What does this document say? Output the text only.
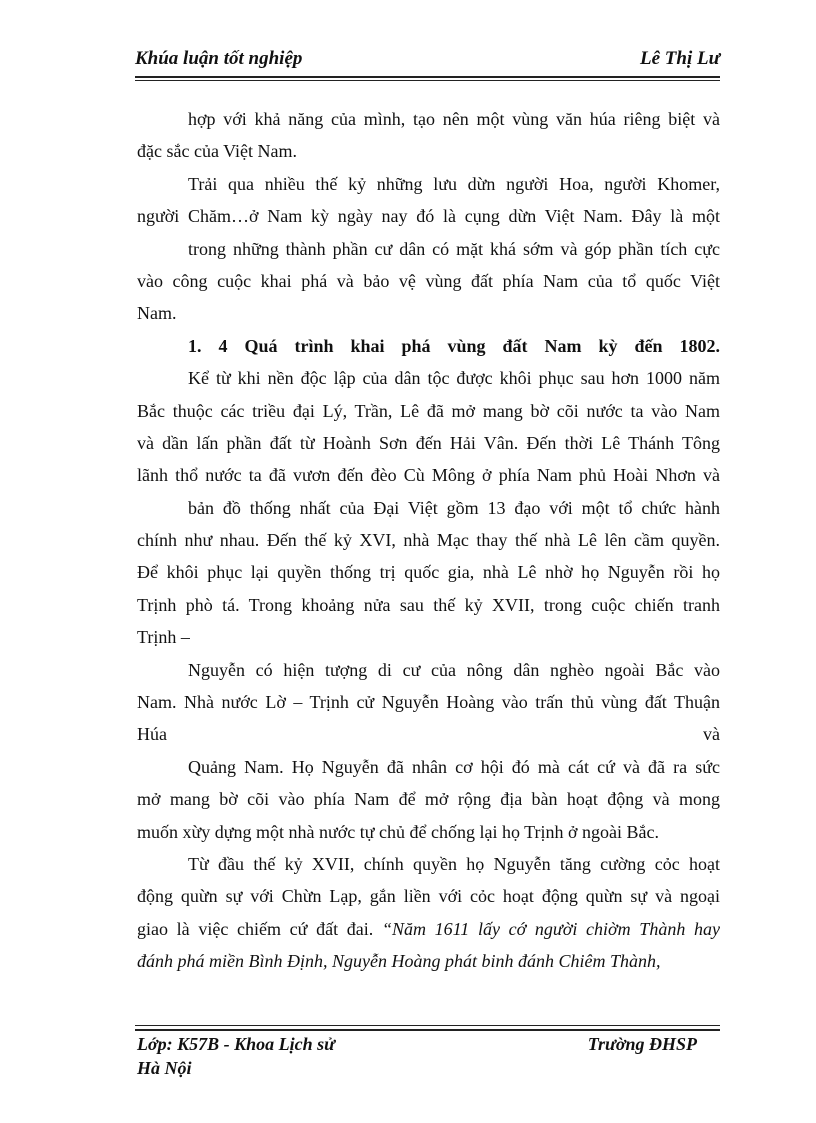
Khúa luận tốt nghiệp	Lê Thị Lư
hợp với khả năng của mình, tạo nên một vùng văn húa riêng biệt và
đặc sắc của Việt Nam.
Trải qua nhiều thế kỷ những lưu dừn người Hoa, người Khomer,
người Chăm…ở Nam kỳ ngày nay đó là cụng dừn Việt Nam. Đây là một
trong những thành phần cư dân có mặt khá sớm và góp phần tích cực
vào công cuộc khai phá và bảo vệ vùng đất phía Nam của tổ quốc Việt
Nam.
1. 4 Quá trình khai phá vùng đất Nam kỳ đến 1802.
Kể từ khi nền độc lập của dân tộc được khôi phục sau hơn 1000 năm
Bắc thuộc các triều đại Lý, Trần, Lê đã mở mang bờ cõi nước ta vào Nam
và dần lấn phần đất từ Hoành Sơn đến Hải Vân. Đến thời Lê Thánh Tông
lãnh thổ nước ta đã vươn đến đèo Cù Mông ở phía Nam phủ Hoài Nhơn và
bản đồ thống nhất của Đại Việt gồm 13 đạo với một tổ chức hành
chính như nhau. Đến thế kỷ XVI, nhà Mạc thay thế nhà Lê lên cầm quyền.
Để khôi phục lại quyền thống trị quốc gia, nhà Lê nhờ họ Nguyễn rồi họ
Trịnh phò tá. Trong khoảng nửa sau thế kỷ XVII, trong cuộc chiến tranh
Trịnh –
Nguyễn có hiện tượng di cư của nông dân nghèo ngoài Bắc vào
Nam. Nhà nước Lờ – Trịnh cử Nguyễn Hoàng vào trấn thủ vùng đất Thuận
Húa và
Quảng Nam. Họ Nguyễn đã nhân cơ hội đó mà cát cứ và đã ra sức
mở mang bờ cõi vào phía Nam để mở rộng địa bàn hoạt động và mong
muốn xừy dựng một nhà nước tự chủ để chống lại họ Trịnh ở ngoài Bắc.
Từ đầu thế kỷ XVII, chính quyền họ Nguyễn tăng cường cỏc hoạt
động quừn sự với Chừn Lạp, gắn liền với cỏc hoạt động quừn sự và ngoại
giao là việc chiếm cứ đất đai. “Năm 1611 lấy cớ người chiờm Thành hay
đánh phá miền Bình Định, Nguyễn Hoàng phát binh đánh Chiêm Thành,
Lớp: K57B - Khoa Lịch sử	Trường ĐHSP
Hà Nội
